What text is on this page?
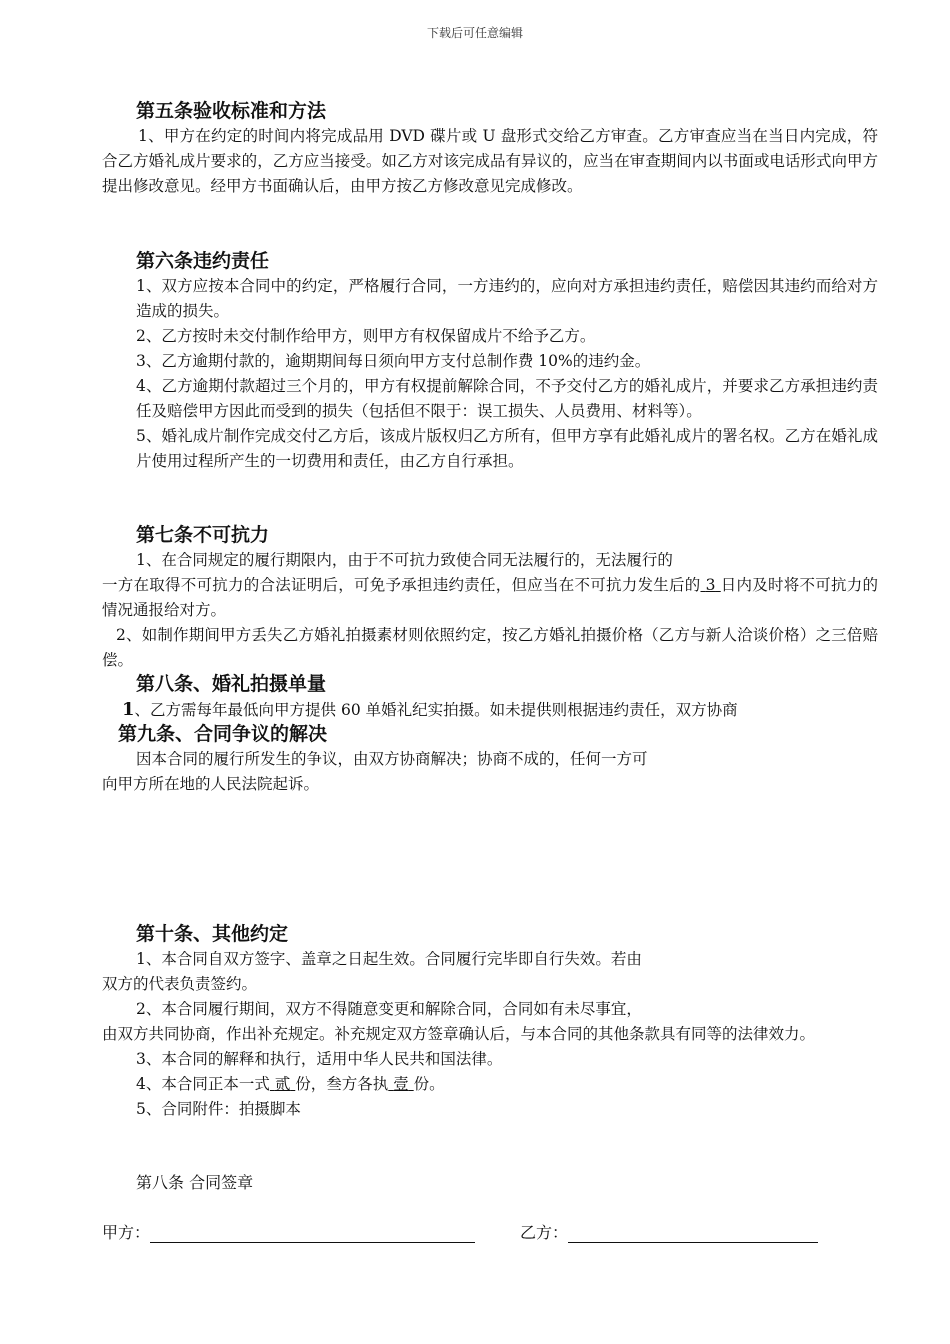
下载后可任意编辑
第五条验收标准和方法
1、甲方在约定的时间内将完成品用 DVD 碟片或 U 盘形式交给乙方审查。乙方审查应当在当日内完成，符合乙方婚礼成片要求的，乙方应当接受。如乙方对该完成品有异议的，应当在审查期间内以书面或电话形式向甲方提出修改意见。经甲方书面确认后，由甲方按乙方修改意见完成修改。
第六条违约责任
1、双方应按本合同中的约定，严格履行合同，一方违约的，应向对方承担违约责任，赔偿因其违约而给对方造成的损失。
2、乙方按时未交付制作给甲方，则甲方有权保留成片不给予乙方。
3、乙方逾期付款的，逾期期间每日须向甲方支付总制作费 10%的违约金。
4、乙方逾期付款超过三个月的，甲方有权提前解除合同，不予交付乙方的婚礼成片，并要求乙方承担违约责任及赔偿甲方因此而受到的损失（包括但不限于：误工损失、人员费用、材料等）。
5、婚礼成片制作完成交付乙方后，该成片版权归乙方所有，但甲方享有此婚礼成片的署名权。乙方在婚礼成片使用过程所产生的一切费用和责任，由乙方自行承担。
第七条不可抗力
1、在合同规定的履行期限内，由于不可抗力致使合同无法履行的，无法履行的
一方在取得不可抗力的合法证明后，可免予承担违约责任，但应当在不可抗力发生后的 3 日内及时将不可抗力的情况通报给对方。
2、如制作期间甲方丢失乙方婚礼拍摄素材则依照约定，按乙方婚礼拍摄价格（乙方与新人洽谈价格）之三倍赔偿。
第八条、婚礼拍摄单量
1、乙方需每年最低向甲方提供 60 单婚礼纪实拍摄。如未提供则根据违约责任，双方协商
第九条、合同争议的解决
因本合同的履行所发生的争议，由双方协商解决；协商不成的，任何一方可
向甲方所在地的人民法院起诉。
第十条、其他约定
1、本合同自双方签字、盖章之日起生效。合同履行完毕即自行失效。若由
双方的代表负责签约。
2、本合同履行期间，双方不得随意变更和解除合同，合同如有未尽事宜，
由双方共同协商，作出补充规定。补充规定双方签章确认后，与本合同的其他条款具有同等的法律效力。
3、本合同的解释和执行，适用中华人民共和国法律。
4、本合同正本一式 贰 份，叁方各执 壹 份。
5、合同附件：拍摄脚本
第八条 合同签章
甲方：	乙方：
